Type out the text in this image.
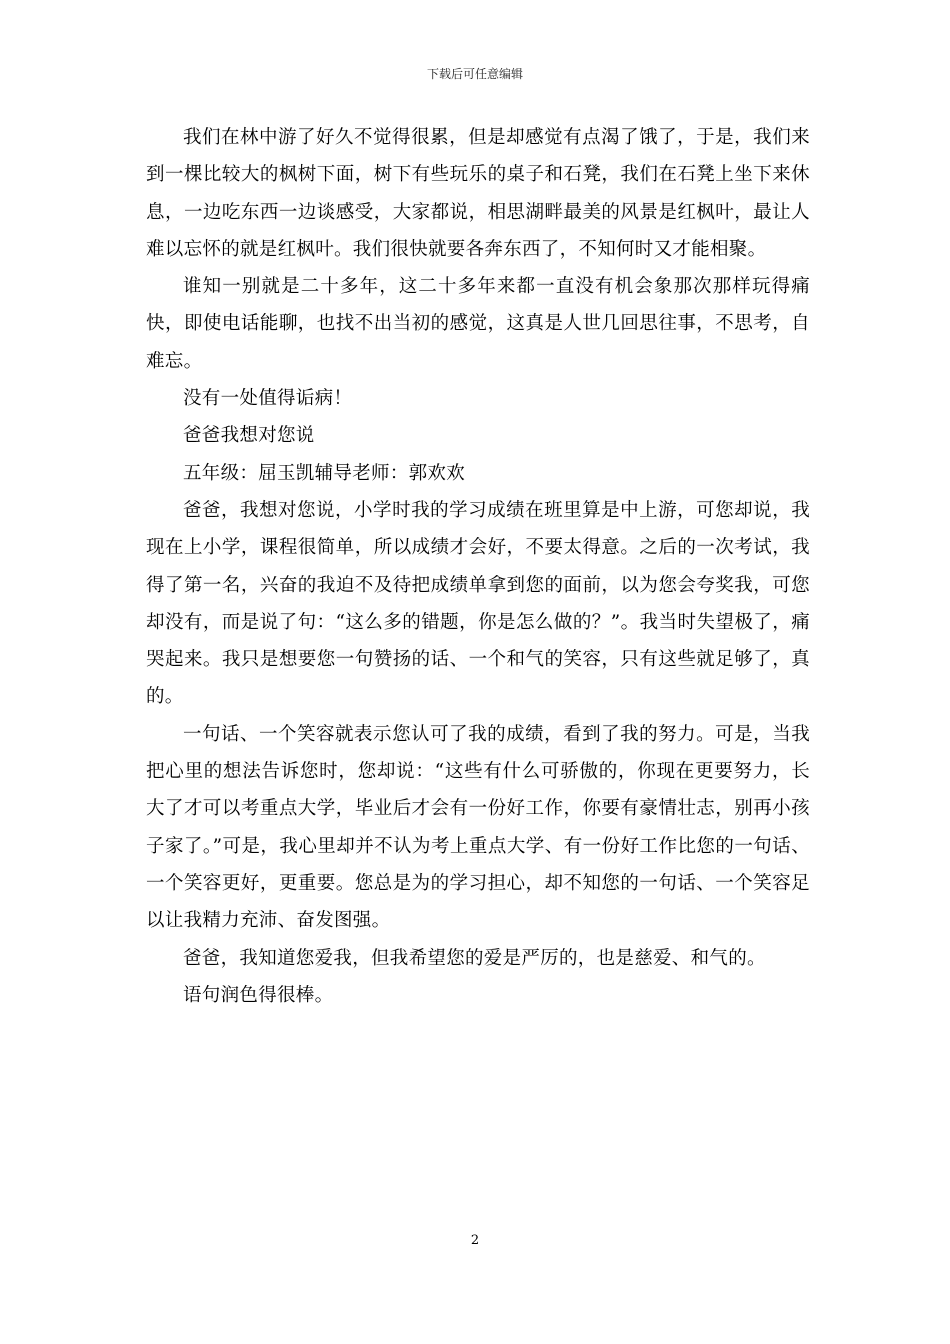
下载后可任意编辑

我们在林中游了好久不觉得很累，但是却感觉有点渴了饿了，于是，我们来到一棵比较大的枫树下面，树下有些玩乐的桌子和石凳，我们在石凳上坐下来休息，一边吃东西一边谈感受，大家都说，相思湖畔最美的风景是红枫叶，最让人难以忘怀的就是红枫叶。我们很快就要各奔东西了，不知何时又才能相聚。

谁知一别就是二十多年，这二十多年来都一直没有机会象那次那样玩得痛快，即使电话能聊，也找不出当初的感觉，这真是人世几回思往事，不思考，自难忘。

没有一处值得诟病！

爸爸我想对您说

五年级：屈玉凯辅导老师：郭欢欢

爸爸，我想对您说，小学时我的学习成绩在班里算是中上游，可您却说，我现在上小学，课程很简单，所以成绩才会好，不要太得意。之后的一次考试，我得了第一名，兴奋的我迫不及待把成绩单拿到您的面前，以为您会夸奖我，可您却没有，而是说了句：“这么多的错题，你是怎么做的？”。我当时失望极了，痛哭起来。我只是想要您一句赞扬的话、一个和气的笑容，只有这些就足够了，真的。

一句话、一个笑容就表示您认可了我的成绩，看到了我的努力。可是，当我把心里的想法告诉您时，您却说：“这些有什么可骄傲的，你现在更要努力，长大了才可以考重点大学，毕业后才会有一份好工作，你要有豪情壮志，别再小孩子家了。”可是，我心里却并不认为考上重点大学、有一份好工作比您的一句话、一个笑容更好，更重要。您总是为的学习担心，却不知您的一句话、一个笑容足以让我精力充沛、奋发图强。

爸爸，我知道您爱我，但我希望您的爱是严厉的，也是慈爱、和气的。

语句润色得很棒。

2
